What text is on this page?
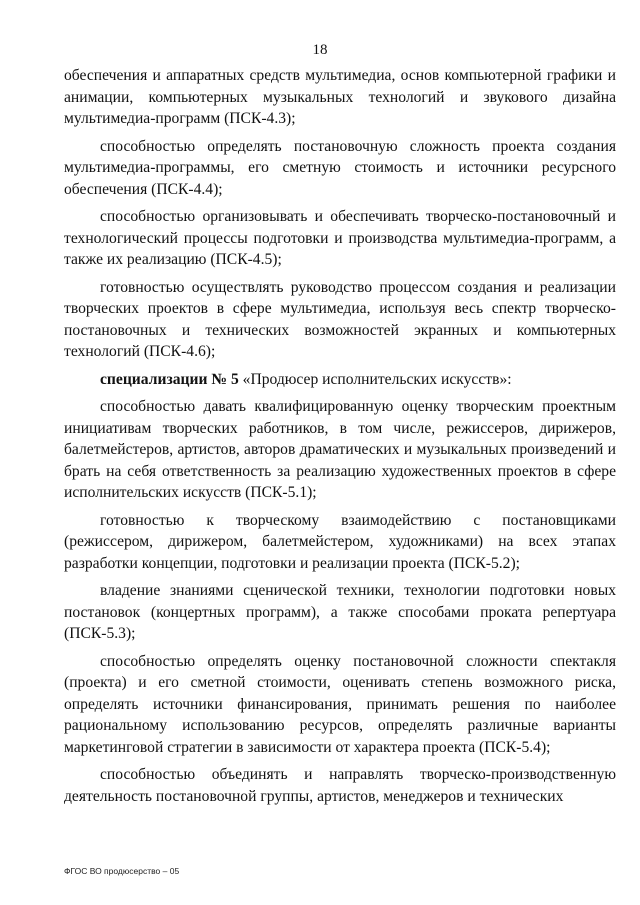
18

обеспечения и аппаратных средств мультимедиа, основ компьютерной графики и анимации, компьютерных музыкальных технологий и звукового дизайна мультимедиа-программ (ПСК-4.3);

способностью определять постановочную сложность проекта создания мультимедиа-программы, его сметную стоимость и источники ресурсного обеспечения (ПСК-4.4);

способностью организовывать и обеспечивать творческо-постановочный и технологический процессы подготовки и производства мультимедиа-программ, а также их реализацию (ПСК-4.5);

готовностью осуществлять руководство процессом создания и реализации творческих проектов в сфере мультимедиа, используя весь спектр творческо-постановочных и технических возможностей экранных и компьютерных технологий (ПСК-4.6);

специализации № 5 «Продюсер исполнительских искусств»:

способностью давать квалифицированную оценку творческим проектным инициативам творческих работников, в том числе, режиссеров, дирижеров, балетмейстеров, артистов, авторов драматических и музыкальных произведений и брать на себя ответственность за реализацию художественных проектов в сфере исполнительских искусств (ПСК-5.1);

готовностью к творческому взаимодействию с постановщиками (режиссером, дирижером, балетмейстером, художниками) на всех этапах разработки концепции, подготовки и реализации проекта (ПСК-5.2);

владение знаниями сценической техники, технологии подготовки новых постановок (концертных программ), а также способами проката репертуара (ПСК-5.3);

способностью определять оценку постановочной сложности спектакля (проекта) и его сметной стоимости, оценивать степень возможного риска, определять источники финансирования, принимать решения по наиболее рациональному использованию ресурсов, определять различные варианты маркетинговой стратегии в зависимости от характера проекта (ПСК-5.4);

способностью объединять и направлять творческо-производственную деятельность постановочной группы, артистов, менеджеров и технических

ФГОС ВО продюсерство – 05
